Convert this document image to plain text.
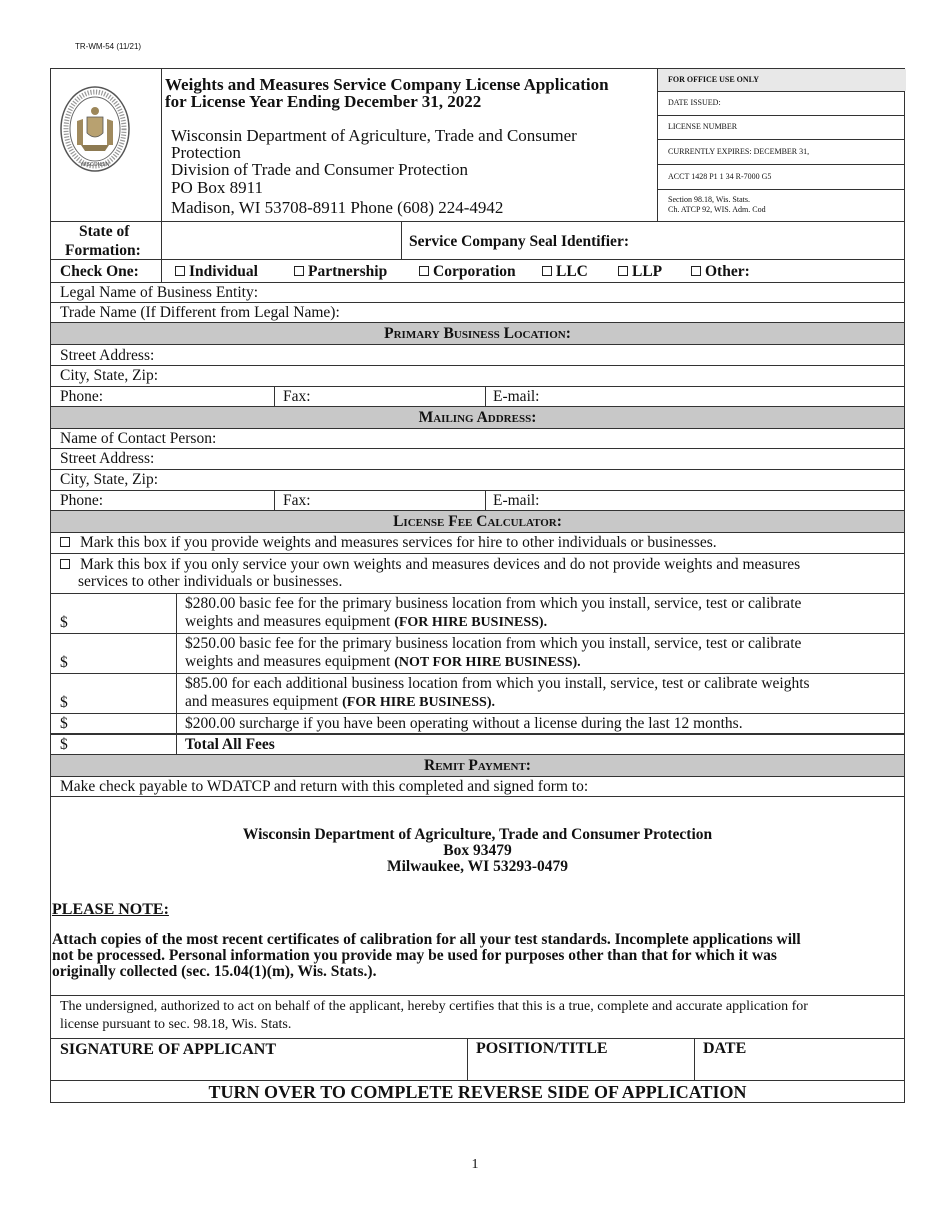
TR-WM-54 (11/21)
WISCONSIN
Weights and Measures Service Company License Application
for License Year Ending December 31, 2022
Wisconsin Department of Agriculture, Trade and Consumer
Protection
Division of Trade and Consumer Protection
PO Box 8911
Madison, WI 53708-8911 Phone (608) 224-4942
FOR OFFICE USE ONLY
DATE ISSUED:
LICENSE NUMBER
CURRENTLY EXPIRES: DECEMBER 31,
ACCT 1428 P1 1 34 R-7000 G5
Section 98.18, Wis. Stats.
Ch. ATCP 92, WIS. Adm. Cod
State of
Formation:
Service Company Seal Identifier:
Check One:	Individual	Partnership	Corporation	LLC	LLP	Other:
Legal Name of Business Entity:
Trade Name (If Different from Legal Name):
Primary Business Location:
Street Address:
City, State, Zip:
Phone:	Fax:	E-mail:
Mailing Address:
Name of Contact Person:
Street Address:
City, State, Zip:
Phone:	Fax:	E-mail:
License Fee Calculator:
Mark this box if you provide weights and measures services for hire to other individuals or businesses.
Mark this box if you only service your own weights and measures devices and do not provide weights and measures
services to other individuals or businesses.
$
$280.00 basic fee for the primary business location from which you install, service, test or calibrate
weights and measures equipment (FOR HIRE BUSINESS).
$
$250.00 basic fee for the primary business location from which you install, service, test or calibrate
weights and measures equipment (NOT FOR HIRE BUSINESS).
$
$85.00 for each additional business location from which you install, service, test or calibrate weights
and measures equipment (FOR HIRE BUSINESS).
$	$200.00 surcharge if you have been operating without a license during the last 12 months.
$	Total All Fees
Remit Payment:
Make check payable to WDATCP and return with this completed and signed form to:
Wisconsin Department of Agriculture, Trade and Consumer Protection
Box 93479
Milwaukee, WI 53293-0479
PLEASE NOTE:
Attach copies of the most recent certificates of calibration for all your test standards. Incomplete applications will
not be processed. Personal information you provide may be used for purposes other than that for which it was
originally collected (sec. 15.04(1)(m), Wis. Stats.).
The undersigned, authorized to act on behalf of the applicant, hereby certifies that this is a true, complete and accurate application for
license pursuant to sec. 98.18, Wis. Stats.
SIGNATURE OF APPLICANT	POSITION/TITLE	DATE
TURN OVER TO COMPLETE REVERSE SIDE OF APPLICATION
1
